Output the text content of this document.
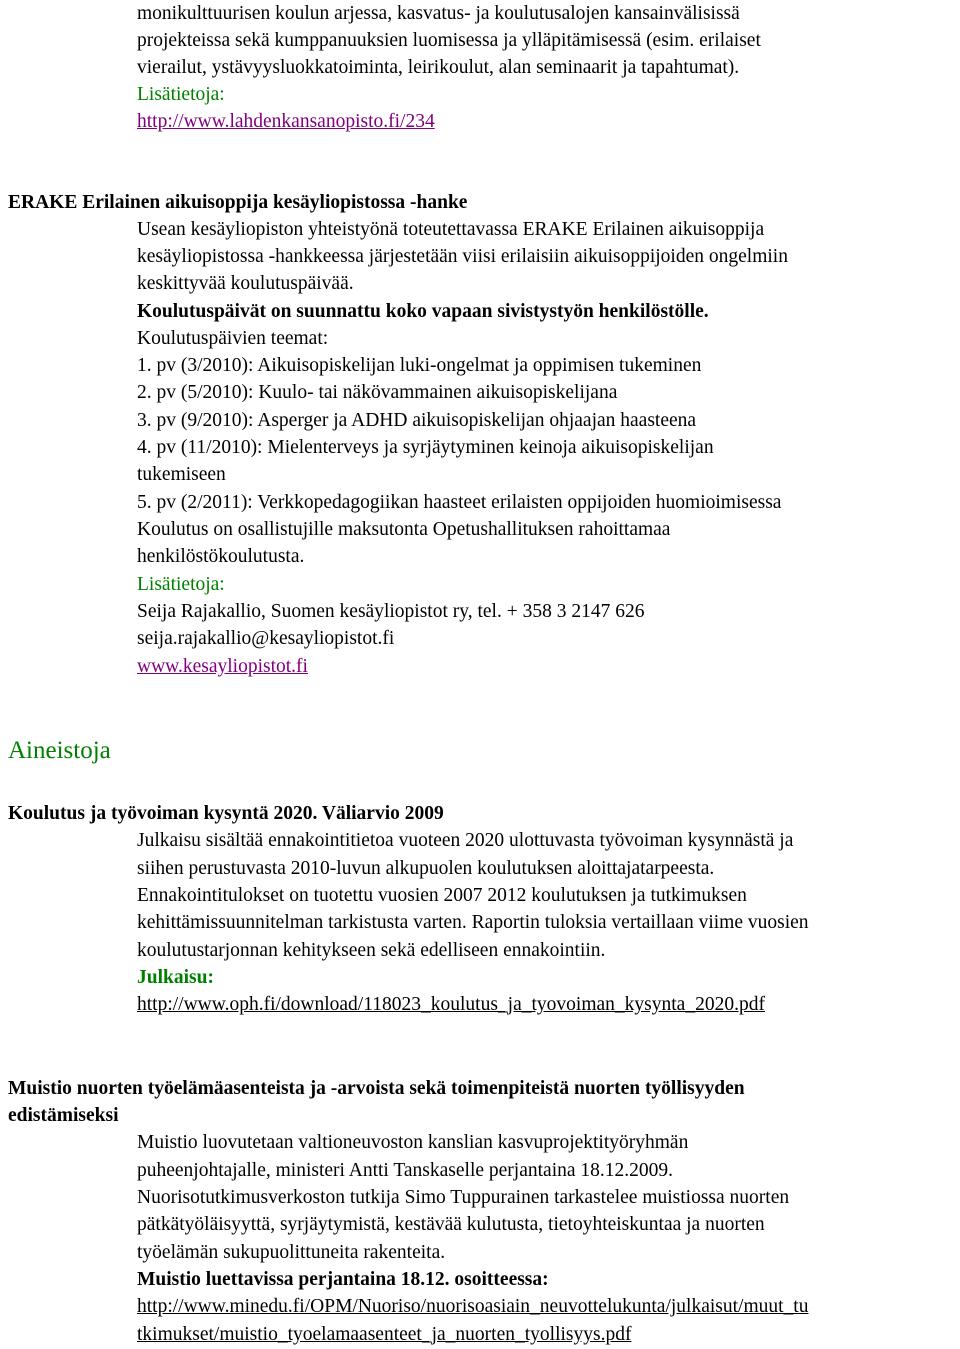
monikulttuurisen koulun arjessa, kasvatus- ja koulutusalojen kansainvälisissä
projekteissa sekä kumppanuuksien luomisessa ja ylläpitämisessä (esim. erilaiset
vierailut, ystävyysluokkatoiminta, leirikoulut, alan seminaarit ja tapahtumat).
Lisätietoja:
http://www.lahdenkansanopisto.fi/234
ERAKE Erilainen aikuisoppija kesäyliopistossa -hanke
Usean kesäyliopiston yhteistyönä toteutettavassa ERAKE Erilainen aikuisoppija
kesäyliopistossa -hankkeessa järjestetään viisi erilaisiin aikuisoppijoiden ongelmiin
keskittyvää koulutuspäivää.
Koulutuspäivät on suunnattu koko vapaan sivistystyön henkilöstölle.
Koulutuspäivien teemat:
1. pv (3/2010): Aikuisopiskelijan luki-ongelmat ja oppimisen tukeminen
2. pv (5/2010): Kuulo- tai näkövammainen aikuisopiskelijana
3. pv (9/2010): Asperger ja ADHD aikuisopiskelijan ohjaajan haasteena
4. pv (11/2010): Mielenterveys ja syrjäytyminen keinoja aikuisopiskelijan
tukemiseen
5. pv (2/2011): Verkkopedagogiikan haasteet erilaisten oppijoiden huomioimisessa
Koulutus on osallistujille maksutonta Opetushallituksen rahoittamaa
henkilöstökoulutusta.
Lisätietoja:
Seija Rajakallio, Suomen kesäyliopistot ry, tel. + 358 3 2147 626
seija.rajakallio@kesayliopistot.fi
www.kesayliopistot.fi
Aineistoja
Koulutus ja työvoiman kysyntä 2020. Väliarvio 2009
Julkaisu sisältää ennakointitietoa vuoteen 2020 ulottuvasta työvoiman kysynnästä ja
siihen perustuvasta 2010-luvun alkupuolen koulutuksen aloittajatarpeesta.
Ennakointitulokset on tuotettu vuosien 2007 2012 koulutuksen ja tutkimuksen
kehittämissuunnitelman tarkistusta varten. Raportin tuloksia vertaillaan viime vuosien
koulutustarjonnan kehitykseen sekä edelliseen ennakointiin.
Julkaisu:
http://www.oph.fi/download/118023_koulutus_ja_tyovoiman_kysynta_2020.pdf
Muistio nuorten työelämäasenteista ja -arvoista sekä toimenpiteistä nuorten työllisyyden
edistämiseksi
Muistio luovutetaan valtioneuvoston kanslian kasvuprojektityöryhmän
puheenjohtajalle, ministeri Antti Tanskaselle perjantaina 18.12.2009.
Nuorisotutkimusverkoston tutkija Simo Tuppurainen tarkastelee muistiossa nuorten
pätkätyöläisyyttä, syrjäytymistä, kestävää kulutusta, tietoyhteiskuntaa ja nuorten
työelämän sukupuolittuneita rakenteita.
Muistio luettavissa perjantaina 18.12. osoitteessa:
http://www.minedu.fi/OPM/Nuoriso/nuorisoasiain_neuvottelukunta/julkaisut/muut_tu
tkimukset/muistio_tyoelamaasenteet_ja_nuorten_tyollisyys.pdf
